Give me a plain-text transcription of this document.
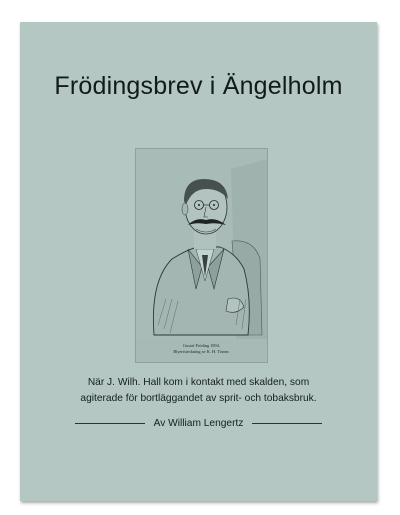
Frödingsbrev i Ängelholm

Gustaf Fröding 1894.

Blyertsteckning av K. H. Törner.

När J. Wilh. Hall kom i kontakt med skalden, som
agiterade för bortläggandet av sprit- och tobaksbruk.

Av William Lengertz
